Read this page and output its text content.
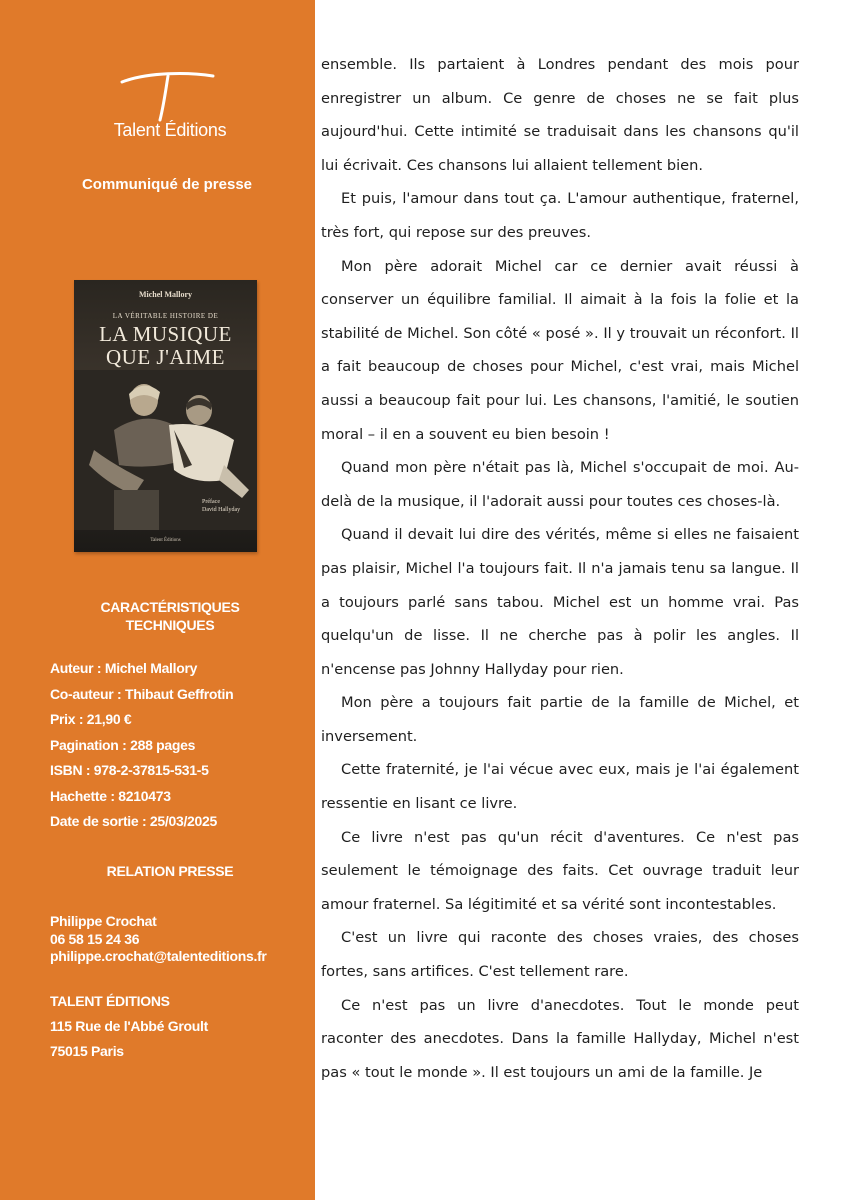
Talent Éditions
Communiqué de presse
Michel Mallory
LA VÉRITABLE HISTOIRE DE
LA MUSIQUE
QUE J'AIME
Préface
David Hallyday
Talent Éditions
CARACTÉRISTIQUES
TECHNIQUES
Auteur : Michel Mallory
Co-auteur : Thibaut Geffrotin
Prix : 21,90 €
Pagination : 288 pages
ISBN : 978-2-37815-531-5
Hachette : 8210473
Date de sortie : 25/03/2025
RELATION PRESSE
Philippe Crochat
06 58 15 24 36
philippe.crochat@talenteditions.fr
TALENT ÉDITIONS
115 Rue de l'Abbé Groult
75015 Paris

ensemble. Ils partaient à Londres pendant des mois pour enregistrer un album. Ce genre de choses ne se fait plus aujourd'hui. Cette intimité se traduisait dans les chansons qu'il lui écrivait. Ces chansons lui allaient tellement bien.

Et puis, l'amour dans tout ça. L'amour authentique, fraternel, très fort, qui repose sur des preuves.

Mon père adorait Michel car ce dernier avait réussi à conserver un équilibre familial. Il aimait à la fois la folie et la stabilité de Michel. Son côté « posé ». Il y trouvait un réconfort. Il a fait beaucoup de choses pour Michel, c'est vrai, mais Michel aussi a beaucoup fait pour lui. Les chansons, l'amitié, le soutien moral – il en a souvent eu bien besoin !

Quand mon père n'était pas là, Michel s'occupait de moi. Au-delà de la musique, il l'adorait aussi pour toutes ces choses-là.

Quand il devait lui dire des vérités, même si elles ne faisaient pas plaisir, Michel l'a toujours fait. Il n'a jamais tenu sa langue. Il a toujours parlé sans tabou. Michel est un homme vrai. Pas quelqu'un de lisse. Il ne cherche pas à polir les angles. Il n'encense pas Johnny Hallyday pour rien.

Mon père a toujours fait partie de la famille de Michel, et inversement.

Cette fraternité, je l'ai vécue avec eux, mais je l'ai également ressentie en lisant ce livre.

Ce livre n'est pas qu'un récit d'aventures. Ce n'est pas seulement le témoignage des faits. Cet ouvrage traduit leur amour fraternel. Sa légitimité et sa vérité sont incontestables.

C'est un livre qui raconte des choses vraies, des choses fortes, sans artifices. C'est tellement rare.

Ce n'est pas un livre d'anecdotes. Tout le monde peut raconter des anecdotes. Dans la famille Hallyday, Michel n'est pas « tout le monde ». Il est toujours un ami de la famille. Je
